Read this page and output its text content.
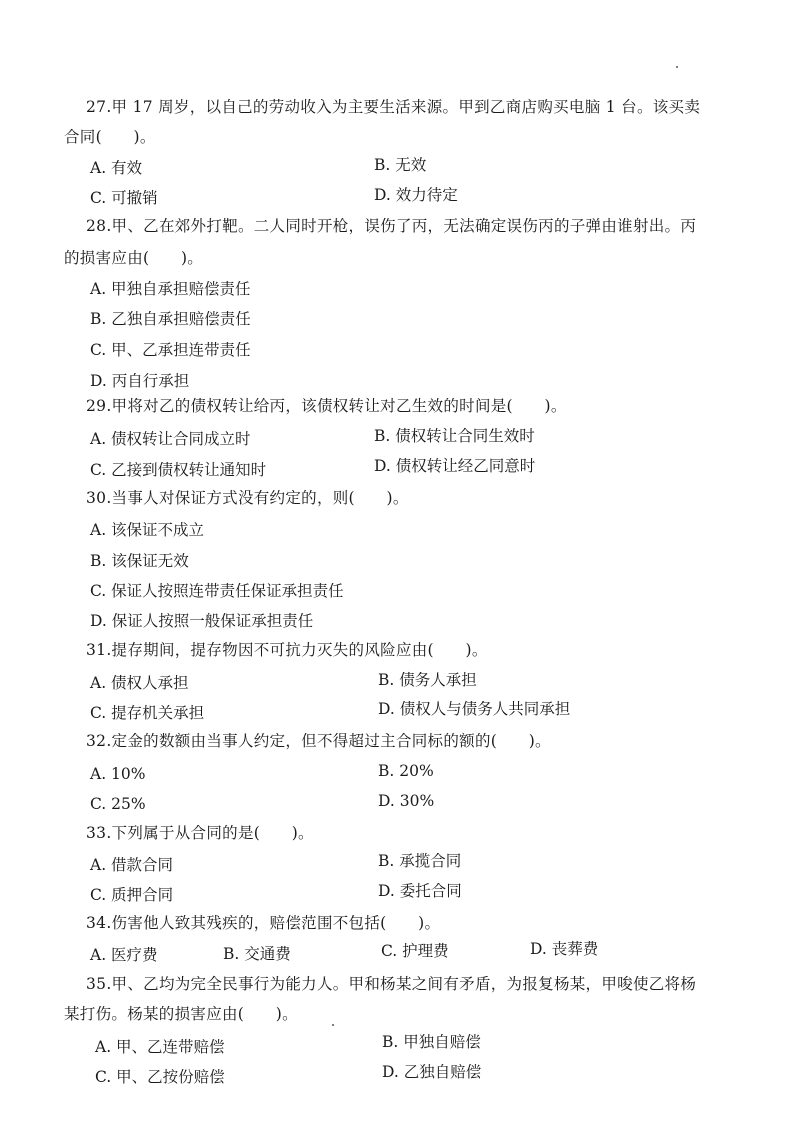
27.甲 17 周岁，以自己的劳动收入为主要生活来源。甲到乙商店购买电脑 1 台。该买卖
合同(　　)。
A. 有效	B. 无效
C. 可撤销	D. 效力待定
28.甲、乙在郊外打靶。二人同时开枪，误伤了丙，无法确定误伤丙的子弹由谁射出。丙
的损害应由(　　)。
A. 甲独自承担赔偿责任
B. 乙独自承担赔偿责任
C. 甲、乙承担连带责任
D. 丙自行承担
29.甲将对乙的债权转让给丙，该债权转让对乙生效的时间是(　　)。
A. 债权转让合同成立时	B. 债权转让合同生效时
C. 乙接到债权转让通知时	D. 债权转让经乙同意时
30.当事人对保证方式没有约定的，则(　　)。
A. 该保证不成立
B. 该保证无效
C. 保证人按照连带责任保证承担责任
D. 保证人按照一般保证承担责任
31.提存期间，提存物因不可抗力灭失的风险应由(　　)。
A. 债权人承担	B. 债务人承担
C. 提存机关承担	D. 债权人与债务人共同承担
32.定金的数额由当事人约定，但不得超过主合同标的额的(　　)。
A. 10%	B. 20%
C. 25%	D. 30%
33.下列属于从合同的是(　　)。
A. 借款合同	B. 承揽合同
C. 质押合同	D. 委托合同
34.伤害他人致其残疾的，赔偿范围不包括(　　)。
A. 医疗费	B. 交通费	C. 护理费	D. 丧葬费
35.甲、乙均为完全民事行为能力人。甲和杨某之间有矛盾，为报复杨某，甲唆使乙将杨
某打伤。杨某的损害应由(　　)。
A. 甲、乙连带赔偿	B. 甲独自赔偿
C. 甲、乙按份赔偿	D. 乙独自赔偿
